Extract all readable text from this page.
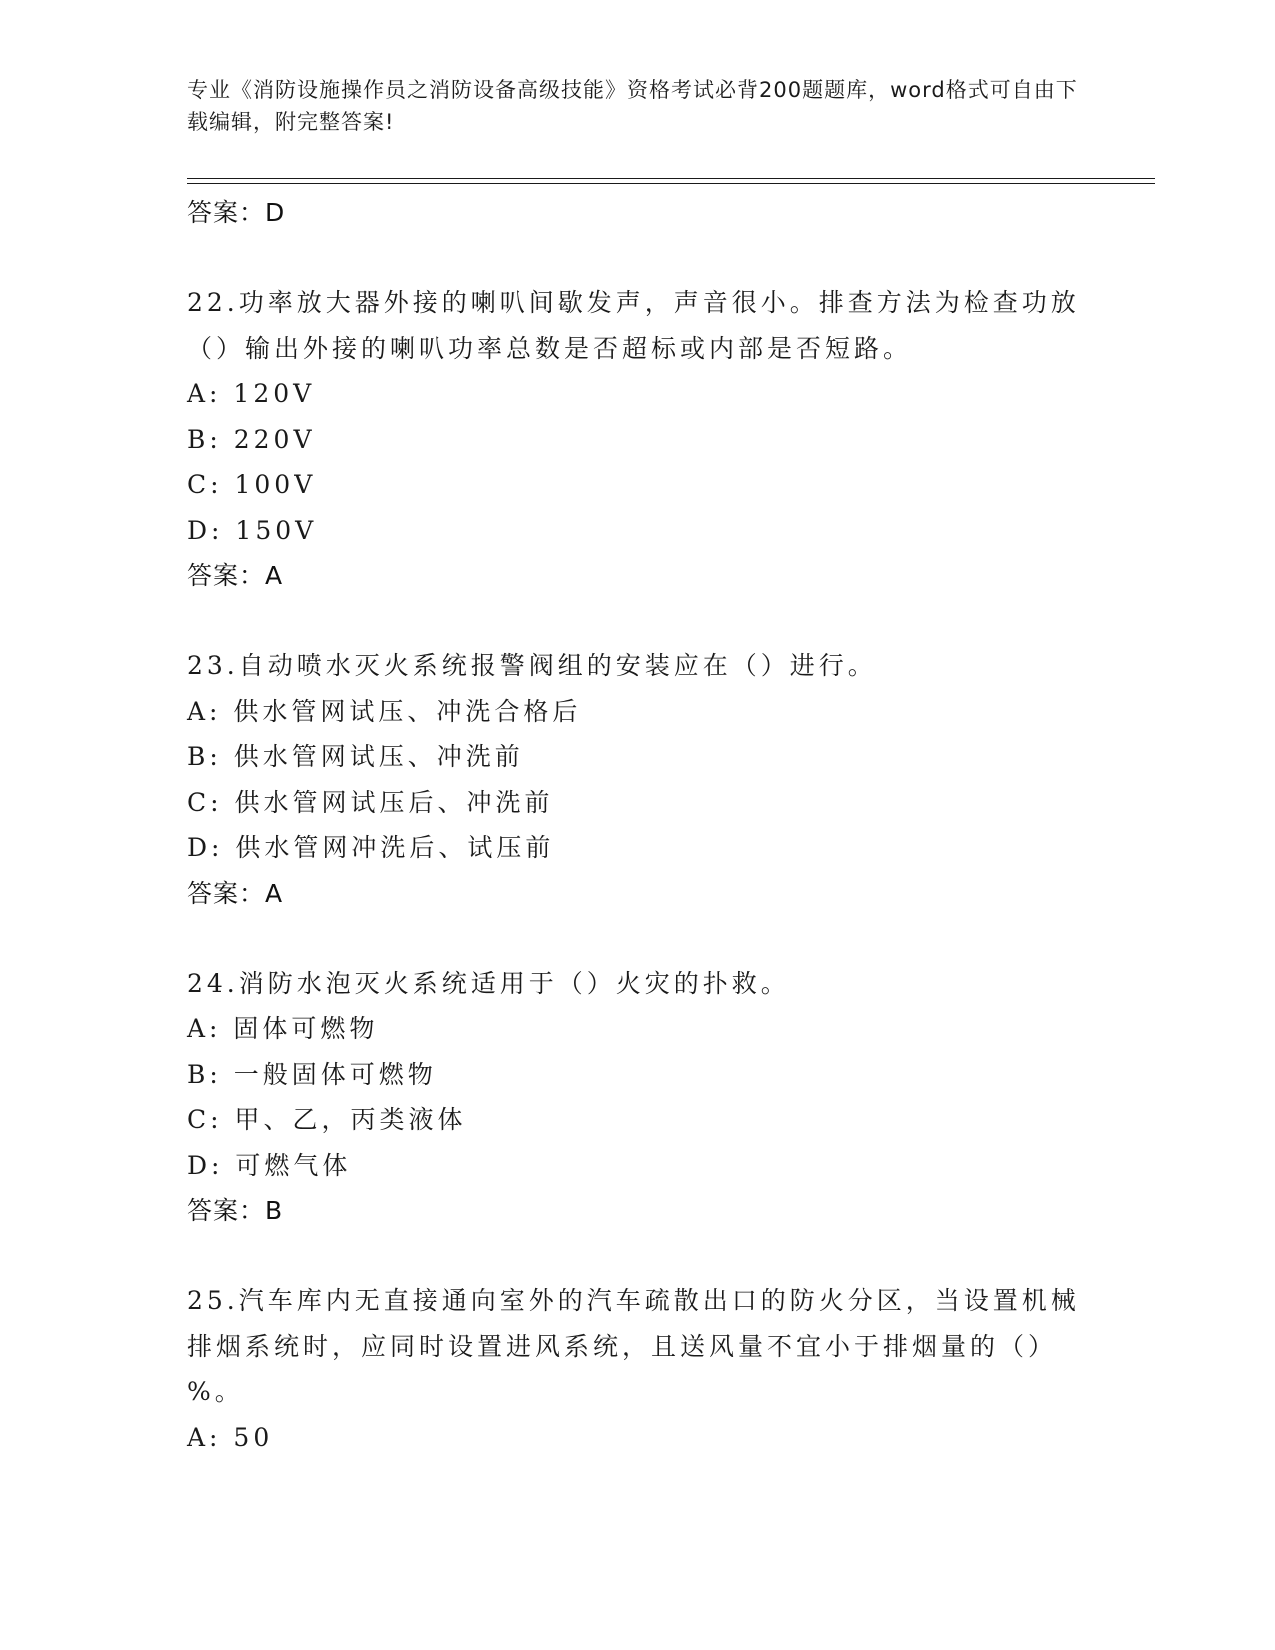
专业《消防设施操作员之消防设备高级技能》资格考试必背200题题库，word格式可自由下载编辑，附完整答案!
答案：D
22.功率放大器外接的喇叭间歇发声，声音很小。排查方法为检查功放（）输出外接的喇叭功率总数是否超标或内部是否短路。
A: 120V
B: 220V
C: 100V
D: 150V
答案：A
23.自动喷水灭火系统报警阀组的安装应在（）进行。
A: 供水管网试压、冲洗合格后
B: 供水管网试压、冲洗前
C: 供水管网试压后、冲洗前
D: 供水管网冲洗后、试压前
答案：A
24.消防水泡灭火系统适用于（）火灾的扑救。
A: 固体可燃物
B: 一般固体可燃物
C: 甲、乙，丙类液体
D: 可燃气体
答案：B
25.汽车库内无直接通向室外的汽车疏散出口的防火分区，当设置机械排烟系统时，应同时设置进风系统，且送风量不宜小于排烟量的（）%。
A: 50
